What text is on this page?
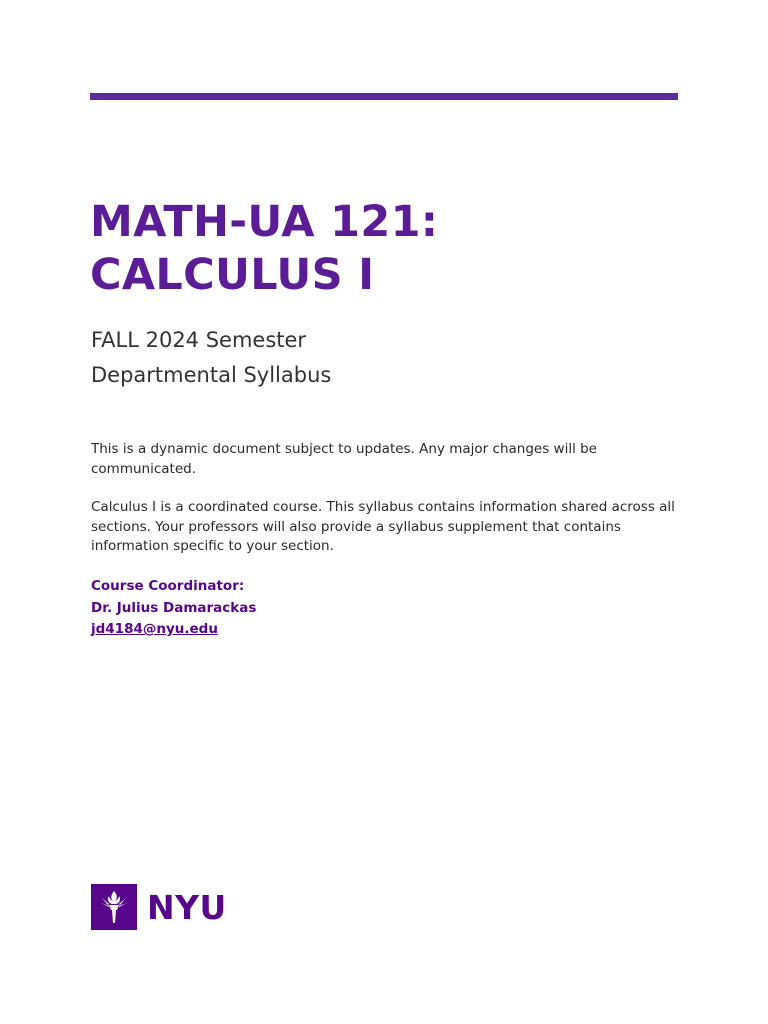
MATH-UA 121:
CALCULUS I
FALL 2024 Semester
Departmental Syllabus

This is a dynamic document subject to updates. Any major changes will be
communicated.

Calculus I is a coordinated course. This syllabus contains information shared across all
sections. Your professors will also provide a syllabus supplement that contains
information specific to your section.

Course Coordinator:
Dr. Julius Damarackas
jd4184@nyu.edu
NYU
